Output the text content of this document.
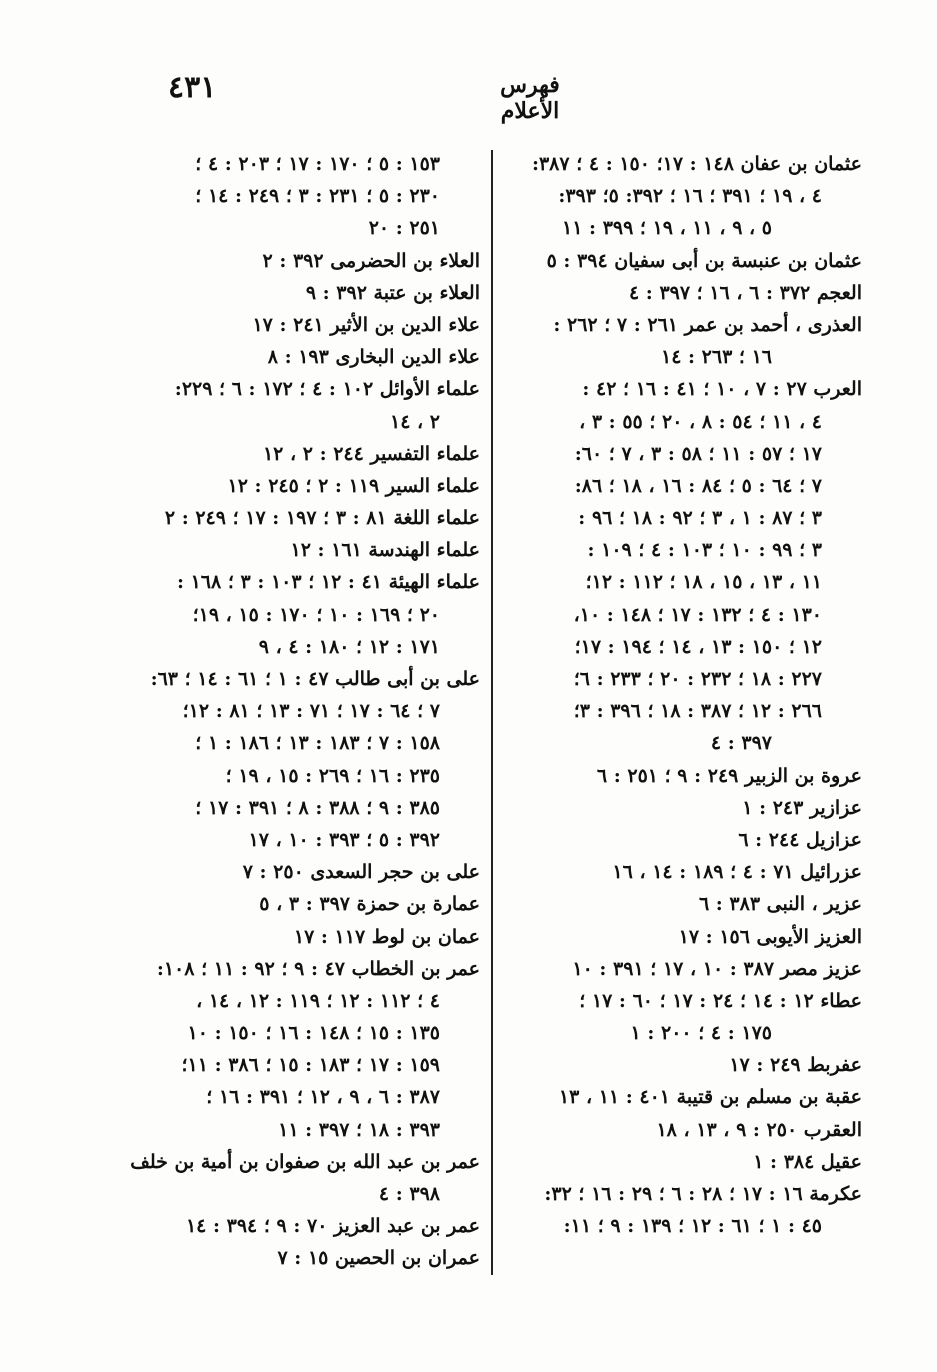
٤٣١	فهرس الأعلام
عثمان بن عفان ١٤٨ : ١٧؛ ١٥٠ : ٤ ؛ ٣٨٧:
٤ ، ١٩ ؛ ٣٩١ ؛ ١٦ ؛ ٣٩٢: ٥؛ ٣٩٣:
٥ ، ٩ ، ١١ ، ١٩ ؛ ٣٩٩ : ١١
عثمان بن عنبسة بن أبى سفيان ٣٩٤ : ٥
العجم ٣٧٢ : ٦ ، ١٦ ؛ ٣٩٧ : ٤
العذرى ، أحمد بن عمر ٢٦١ : ٧ ؛ ٢٦٢ :
١٦ ؛ ٢٦٣ : ١٤
العرب ٢٧ : ٧ ، ١٠ ؛ ٤١ : ١٦ ؛ ٤٢ :
٤ ، ١١ ؛ ٥٤ : ٨ ، ٢٠ ؛ ٥٥ : ٣ ،
١٧ ؛ ٥٧ : ١١ ؛ ٥٨ : ٣ ، ٧ ؛ ٦٠:
٧ ؛ ٦٤ : ٥ ؛ ٨٤ : ١٦ ، ١٨ ؛ ٨٦:
٣ ؛ ٨٧ : ١ ، ٣ ؛ ٩٢ : ١٨ ؛ ٩٦ :
٣ ؛ ٩٩ : ١٠ ؛ ١٠٣ : ٤ ؛ ١٠٩ :
١١ ، ١٣ ، ١٥ ، ١٨ ؛ ١١٢ : ١٢؛
١٣٠ : ٤ ؛ ١٣٢ : ١٧ ؛ ١٤٨ : ١٠،
١٢ ؛ ١٥٠ : ١٣ ، ١٤ ؛ ١٩٤ : ١٧؛
٢٢٧ : ١٨ ؛ ٢٣٢ : ٢٠ ؛ ٢٣٣ : ٦؛
٢٦٦ : ١٢ ؛ ٣٨٧ : ١٨ ؛ ٣٩٦ : ٣؛
٣٩٧ : ٤
عروة بن الزبير ٢٤٩ : ٩ ؛ ٢٥١ : ٦
عزازير ٢٤٣ : ١
عزازيل ٢٤٤ : ٦
عزرائيل ٧١ : ٤ ؛ ١٨٩ : ١٤ ، ١٦
عزير ، النبى ٣٨٣ : ٦
العزيز الأيوبى ١٥٦ : ١٧
عزيز مصر ٣٨٧ : ١٠ ، ١٧ ؛ ٣٩١ : ١٠
عطاء ١٢ : ١٤ ؛ ٢٤ : ١٧ ؛ ٦٠ : ١٧ ؛
١٧٥ : ٤ ؛ ٢٠٠ : ١
عفربط ٢٤٩ : ١٧
عقبة بن مسلم بن قتيبة ٤٠١ : ١١ ، ١٣
العقرب ٢٥٠ : ٩ ، ١٣ ، ١٨
عقيل ٣٨٤ : ١
عكرمة ١٦ : ١٧ ؛ ٢٨ : ٦ ؛ ٢٩ : ١٦ ؛ ٣٢:
٤٥ : ١ ؛ ٦١ : ١٢ ؛ ١٣٩ : ٩ ؛ ١١:
١٥٣ : ٥ ؛ ١٧٠ : ١٧ ؛ ٢٠٣ : ٤ ؛
٢٣٠ : ٥ ؛ ٢٣١ : ٣ ؛ ٢٤٩ : ١٤ ؛
٢٥١ : ٢٠
العلاء بن الحضرمى ٣٩٢ : ٢
العلاء بن عتبة ٣٩٢ : ٩
علاء الدين بن الأثير ٢٤١ : ١٧
علاء الدين البخارى ١٩٣ : ٨
علماء الأوائل ١٠٢ : ٤ ؛ ١٧٢ : ٦ ؛ ٢٢٩:
٢ ، ١٤
علماء التفسير ٢٤٤ : ٢ ، ١٢
علماء السير ١١٩ : ٢ ؛ ٢٤٥ : ١٢
علماء اللغة ٨١ : ٣ ؛ ١٩٧ : ١٧ ؛ ٢٤٩ : ٢
علماء الهندسة ١٦١ : ١٢
علماء الهيئة ٤١ : ١٢ ؛ ١٠٣ : ٣ ؛ ١٦٨ :
٢٠ ؛ ١٦٩ : ١٠ ؛ ١٧٠ : ١٥ ، ١٩؛
١٧١ : ١٢ ؛ ١٨٠ : ٤ ، ٩
على بن أبى طالب ٤٧ : ١ ؛ ٦١ : ١٤ ؛ ٦٣:
٧ ؛ ٦٤ : ١٧ ؛ ٧١ : ١٣ ؛ ٨١ : ١٢؛
١٥٨ : ٧ ؛ ١٨٣ : ١٣ ؛ ١٨٦ : ١ ؛
٢٣٥ : ١٦ ؛ ٢٦٩ : ١٥ ، ١٩ ؛
٣٨٥ : ٩ ؛ ٣٨٨ : ٨ ؛ ٣٩١ : ١٧ ؛
٣٩٢ : ٥ ؛ ٣٩٣ : ١٠ ، ١٧
على بن حجر السعدى ٢٥٠ : ٧
عمارة بن حمزة ٣٩٧ : ٣ ، ٥
عمان بن لوط ١١٧ : ١٧
عمر بن الخطاب ٤٧ : ٩ ؛ ٩٢ : ١١ ؛ ١٠٨:
٤ ؛ ١١٢ : ١٢ ؛ ١١٩ : ١٢ ، ١٤ ،
١٣٥ : ١٥ ؛ ١٤٨ : ١٦ ؛ ١٥٠ : ١٠
١٥٩ : ١٧ ؛ ١٨٣ : ١٥ ؛ ٣٨٦ : ١١؛
٣٨٧ : ٦ ، ٩ ، ١٢ ؛ ٣٩١ : ١٦ ؛
٣٩٣ : ١٨ ؛ ٣٩٧ : ١١
عمر بن عبد الله بن صفوان بن أمية بن خلف
٣٩٨ : ٤
عمر بن عبد العزيز ٧٠ : ٩ ؛ ٣٩٤ : ١٤
عمران بن الحصين ١٥ : ٧
